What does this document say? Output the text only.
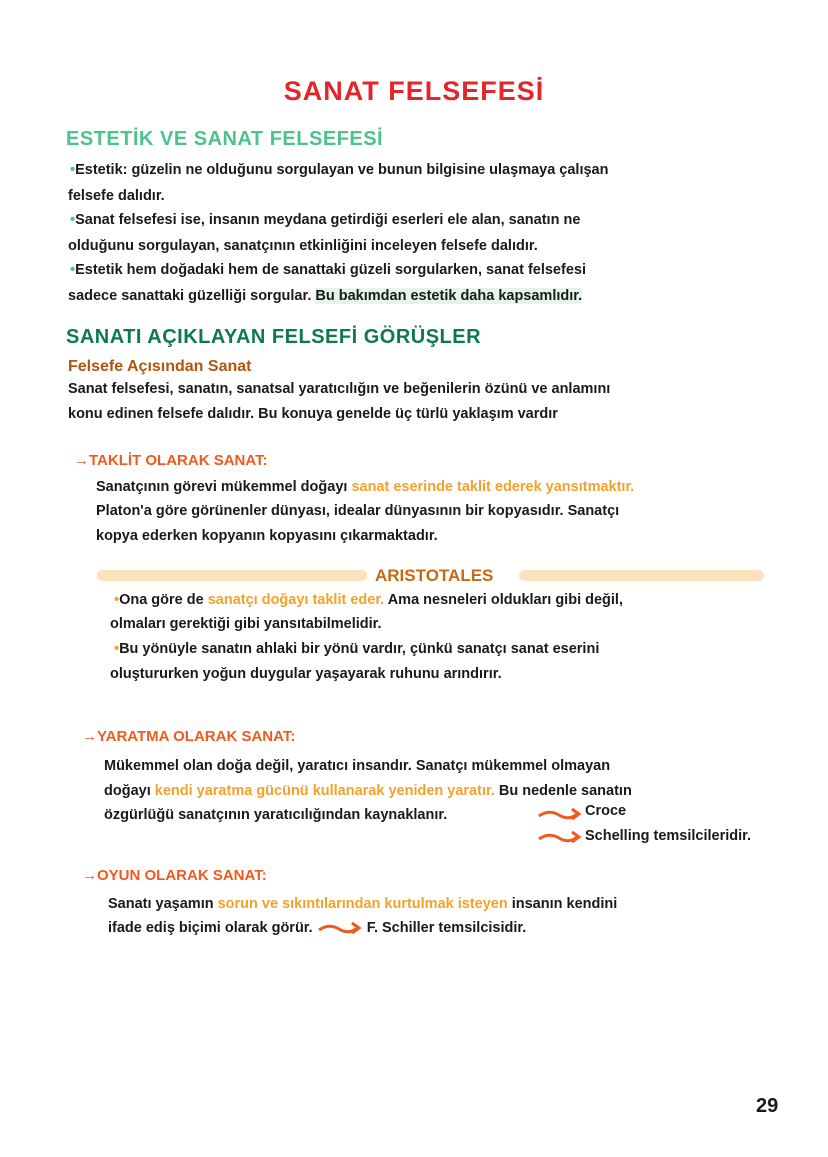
SANAT FELSEFESİ
ESTETİK VE SANAT FELSEFESİ
•Estetik: güzelin ne olduğunu sorgulayan ve bunun bilgisine ulaşmaya çalışan
felsefe dalıdır.
•Sanat felsefesi ise, insanın meydana getirdiği eserleri ele alan, sanatın ne
olduğunu sorgulayan, sanatçının etkinliğini inceleyen felsefe dalıdır.
•Estetik hem doğadaki hem de sanattaki güzeli sorgularken, sanat felsefesi
sadece sanattaki güzelliği sorgular. Bu bakımdan estetik daha kapsamlıdır.
SANATI AÇIKLAYAN FELSEFİ GÖRÜŞLER
Felsefe Açısından Sanat
Sanat felsefesi, sanatın, sanatsal yaratıcılığın ve beğenilerin özünü ve anlamını
konu edinen felsefe dalıdır. Bu konuya genelde üç türlü yaklaşım vardır
→TAKLİT OLARAK SANAT:
Sanatçının görevi mükemmel doğayı sanat eserinde taklit ederek yansıtmaktır.
Platon'a göre görünenler dünyası, idealar dünyasının bir kopyasıdır. Sanatçı
kopya ederken kopyanın kopyasını çıkarmaktadır.
ARISTOTALES
•Ona göre de sanatçı doğayı taklit eder. Ama nesneleri oldukları gibi değil,
olmaları gerektiği gibi yansıtabilmelidir.
•Bu yönüyle sanatın ahlaki bir yönü vardır, çünkü sanatçı sanat eserini
oluştururken yoğun duygular yaşayarak ruhunu arındırır.
→YARATMA OLARAK SANAT:
Mükemmel olan doğa değil, yaratıcı insandır. Sanatçı mükemmel olmayan
doğayı kendi yaratma gücünü kullanarak yeniden yaratır. Bu nedenle sanatın
özgürlüğü sanatçının yaratıcılığından kaynaklanır.	Croce
Schelling temsilcileridir.
→OYUN OLARAK SANAT:
Sanatı yaşamın sorun ve sıkıntılarından kurtulmak isteyen insanın kendini
ifade ediş biçimi olarak görür.	F. Schiller temsilcisidir.
29
